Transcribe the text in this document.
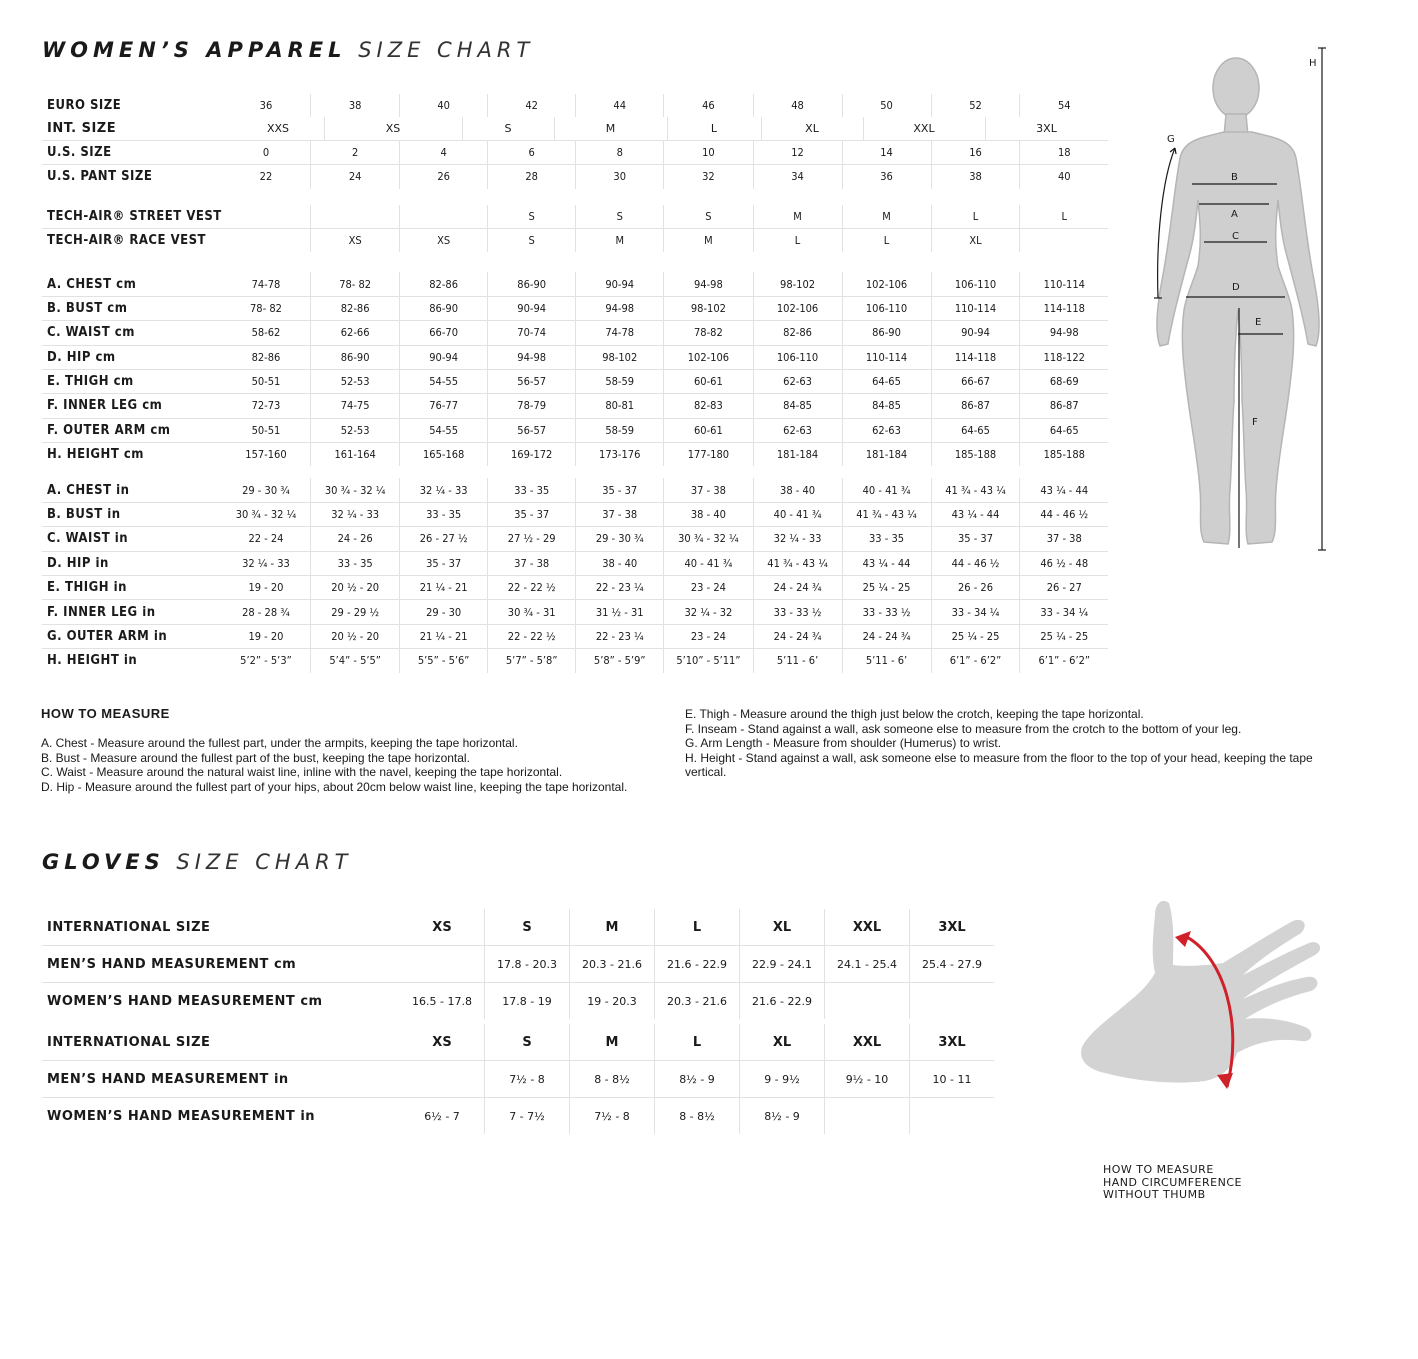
WOMEN’S APPAREL SIZE CHART
EURO SIZE	36	38	40	42	44	46	48	50	52	54

U.S. SIZE	0	2	4	6	8	10	12	14	16	18
U.S. PANT SIZE	22	24	26	28	30	32	34	36	38	40

TECH-AIR® STREET VEST				S	S	S	M	M	L	L
TECH-AIR® RACE VEST		XS	XS	S	M	M	L	L	XL	

A. CHEST cm	74-78	78- 82	82-86	86-90	90-94	94-98	98-102	102-106	106-110	110-114
B. BUST cm	78- 82	82-86	86-90	90-94	94-98	98-102	102-106	106-110	110-114	114-118
C. WAIST cm	58-62	62-66	66-70	70-74	74-78	78-82	82-86	86-90	90-94	94-98
D. HIP cm	82-86	86-90	90-94	94-98	98-102	102-106	106-110	110-114	114-118	118-122
E. THIGH cm	50-51	52-53	54-55	56-57	58-59	60-61	62-63	64-65	66-67	68-69
F. INNER LEG cm	72-73	74-75	76-77	78-79	80-81	82-83	84-85	84-85	86-87	86-87
F. OUTER ARM cm	50-51	52-53	54-55	56-57	58-59	60-61	62-63	62-63	64-65	64-65
H. HEIGHT cm	157-160	161-164	165-168	169-172	173-176	177-180	181-184	181-184	185-188	185-188

A. CHEST in	29 - 30 ¾	30 ¾ - 32 ¼	32 ¼ - 33	33 - 35	35 - 37	37 - 38	38 - 40	40 - 41 ¾	41 ¾ - 43 ¼	43 ¼ - 44
B. BUST in	30 ¾ - 32 ¼	32 ¼ - 33	33 - 35	35 - 37	37 - 38	38 - 40	40 - 41 ¾	41 ¾ - 43 ¼	43 ¼ - 44	44 - 46 ½
C. WAIST in	22 - 24	24 - 26	26 - 27 ½	27 ½ - 29	29 - 30 ¾	30 ¾ - 32 ¼	32 ¼ - 33	33 - 35	35 - 37	37 - 38
D. HIP in	32 ¼ - 33	33 - 35	35 - 37	37 - 38	38 - 40	40 - 41 ¾	41 ¾ - 43 ¼	43 ¼ - 44	44 - 46 ½	46 ½ - 48
E. THIGH in	19 - 20	20 ½ - 20	21 ¼ - 21	22 - 22 ½	22 - 23 ¼	23 - 24	24 - 24 ¾	25 ¼ - 25	26 - 26	26 - 27
F. INNER LEG in	28 - 28 ¾	29 - 29 ½	29 - 30	30 ¾ - 31	31 ½ - 31	32 ¼ - 32	33 - 33 ½	33 - 33 ½	33 - 34 ¼	33 - 34 ¼
G. OUTER ARM in	19 - 20	20 ½ - 20	21 ¼ - 21	22 - 22 ½	22 - 23 ¼	23 - 24	24 - 24 ¾	24 - 24 ¾	25 ¼ - 25	25 ¼ - 25
H. HEIGHT in	5’2” - 5’3”	5’4” - 5’5”	5’5” - 5’6”	5’7” - 5’8”	5’8” - 5’9”	5’10” - 5’11”	5’11 - 6’	5’11 - 6’	6’1” - 6’2”	6’1” - 6’2”
INT. SIZE	XXS	XS	S	M	L	XL	XXL	3XL
H
G
B
A
C
D
E
F
HOW TO MEASURE
A. Chest - Measure around the fullest part, under the armpits, keeping the tape horizontal.
B. Bust - Measure around the fullest part of the bust, keeping the tape horizontal.
C. Waist - Measure around the natural waist line, inline with the navel, keeping the tape horizontal.
D. Hip - Measure around the fullest part of your hips, about 20cm below waist line, keeping the tape horizontal.
E. Thigh - Measure around the thigh just below the crotch, keeping the tape horizontal.
F. Inseam - Stand against a wall, ask someone else to measure from the crotch to the bottom of your leg.
G. Arm Length - Measure from shoulder (Humerus) to wrist.
H. Height - Stand against a wall, ask someone else to measure from the floor to the top of your head, keeping the tape vertical.
GLOVES SIZE CHART
INTERNATIONAL SIZE	XS	S	M	L	XL	XXL	3XL
MEN’S HAND MEASUREMENT cm		17.8 - 20.3	20.3 - 21.6	21.6 - 22.9	22.9 - 24.1	24.1 - 25.4	25.4 - 27.9
WOMEN’S HAND MEASUREMENT cm	16.5 - 17.8	17.8 - 19	19 - 20.3	20.3 - 21.6	21.6 - 22.9		
INTERNATIONAL SIZE	XS	S	M	L	XL	XXL	3XL
MEN’S HAND MEASUREMENT in		7½ - 8	8 - 8½	8½ - 9	9 - 9½	9½ - 10	10 - 11
WOMEN’S HAND MEASUREMENT in	6½ - 7	7 - 7½	7½ - 8	8 - 8½	8½ - 9		
HOW TO MEASURE
HAND CIRCUMFERENCE
WITHOUT THUMB
